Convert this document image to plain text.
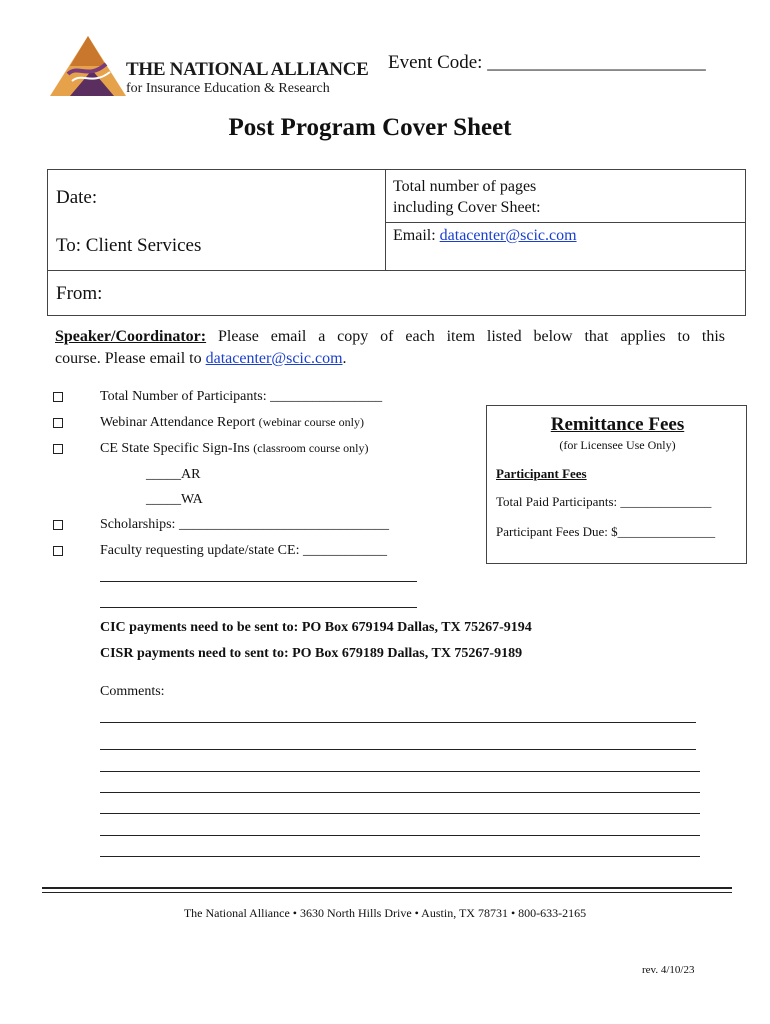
THE NATIONAL ALLIANCE
for Insurance Education & Research
Event Code: _______________________
Post Program Cover Sheet
Date:
To: Client Services
Total number of pages
including Cover Sheet:
Email: datacenter@scic.com
From:

Speaker/Coordinator: Please email a copy of each item listed below that applies to this

course. Please email to datacenter@scic.com.

Total Number of Participants: ________________
Webinar Attendance Report (webinar course only)
CE State Specific Sign-Ins (classroom course only)
_____AR
_____WA
Scholarships: ______________________________
Faculty requesting update/state CE: ____________
Remittance Fees
(for Licensee Use Only)
Participant Fees
Total Paid Participants: ______________
Participant Fees Due: $_______________
CIC payments need to be sent to: PO Box 679194 Dallas, TX 75267-9194
CISR payments need to sent to: PO Box 679189 Dallas, TX 75267-9189
Comments:
The National Alliance • 3630 North Hills Drive • Austin, TX 78731 • 800-633-2165
rev. 4/10/23
